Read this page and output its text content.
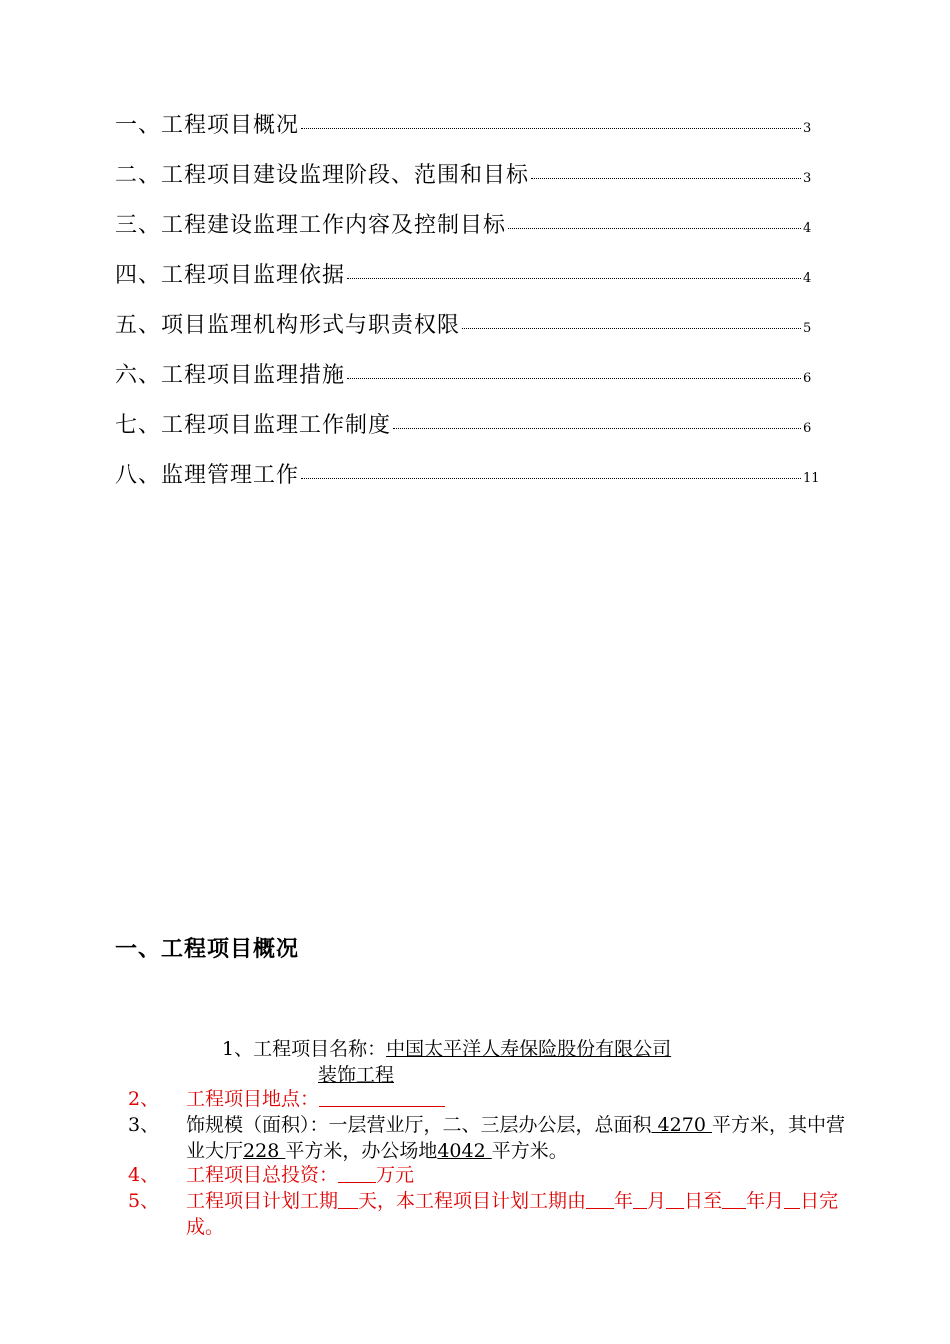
一、工程项目概况	3
二、工程项目建设监理阶段、范围和目标	3
三、工程建设监理工作内容及控制目标	4
四、工程项目监理依据	4
五、项目监理机构形式与职责权限	5
六、工程项目监理措施	6
七、工程项目监理工作制度	6
八、监理管理工作	11
一、工程项目概况
1、工程项目名称：中国太平洋人寿保险股份有限公司
装饰工程
2、	工程项目地点：
3、	饰规模（面积）：一层营业厅，二、三层办公层，总面积 4270 平方米，其中营业大厅228 平方米，办公场地4042 平方米。
4、	工程项目总投资： 万元
5、	工程项目计划工期 天，本工程项目计划工期由 年 月 日至 年月 日完成。
